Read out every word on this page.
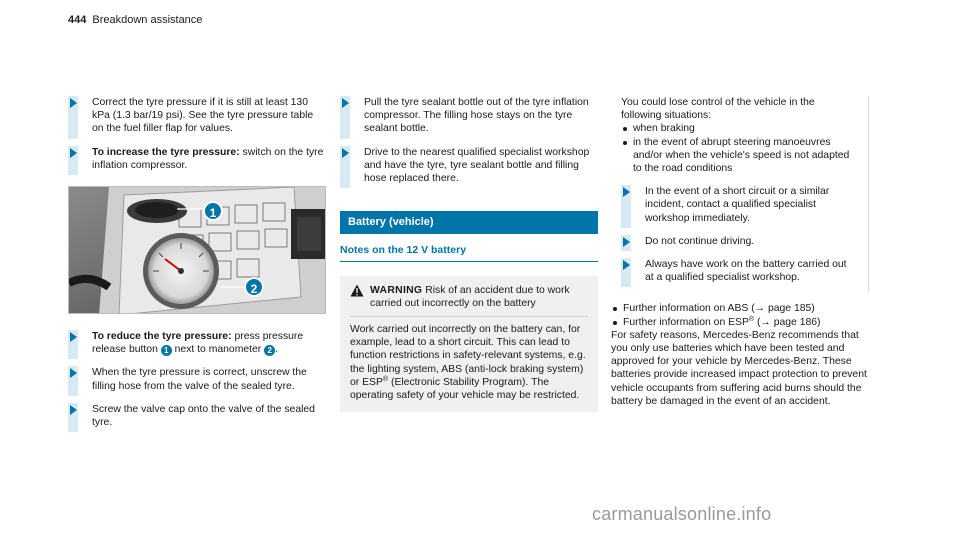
444 Breakdown assistance
Correct the tyre pressure if it is still at least 130 kPa (1.3 bar/19 psi). See the tyre pressure table on the fuel filler flap for values.
To increase the tyre pressure: switch on the tyre inflation compressor.
1
2
To reduce the tyre pressure: press pressure release button 1 next to manometer 2 .
When the tyre pressure is correct, unscrew the filling hose from the valve of the sealed tyre.
Screw the valve cap onto the valve of the sealed tyre.
Pull the tyre sealant bottle out of the tyre inflation compressor. The filling hose stays on the tyre sealant bottle.
Drive to the nearest qualified specialist workshop and have the tyre, tyre sealant bottle and filling hose replaced there.
Battery (vehicle)
Notes on the 12 V battery
WARNING Risk of an accident due to work carried out incorrectly on the battery
Work carried out incorrectly on the battery can, for example, lead to a short circuit. This can lead to function restrictions in safety-relevant systems, e.g. the lighting system, ABS (anti-lock braking system) or ESP® (Electronic Stability Program). The operating safety of your vehicle may be restricted.
You could lose control of the vehicle in the following situations:
when braking
in the event of abrupt steering manoeuvres and/or when the vehicle's speed is not adapted to the road conditions
In the event of a short circuit or a similar incident, contact a qualified specialist workshop immediately.
Do not continue driving.
Always have work on the battery carried out at a qualified specialist workshop.
Further information on ABS (→ page 185)
Further information on ESP® (→ page 186)
For safety reasons, Mercedes-Benz recommends that you only use batteries which have been tested and approved for your vehicle by Mercedes-Benz. These batteries provide increased impact protection to prevent vehicle occupants from suffering acid burns should the battery be damaged in the event of an accident.
carmanualsonline.info
